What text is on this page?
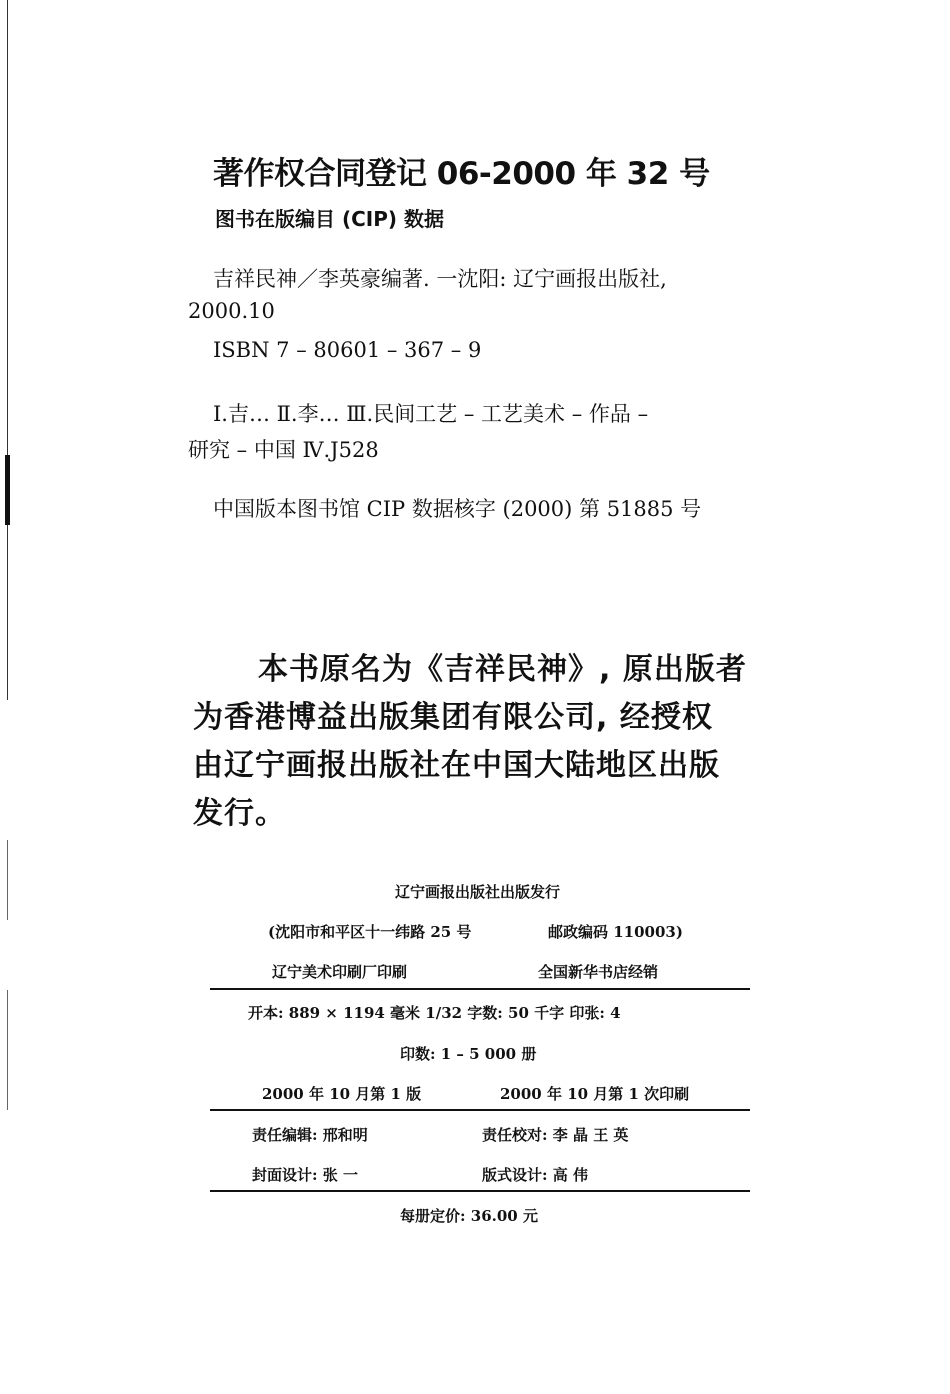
著作权合同登记 06-2000 年 32 号
图书在版编目 (CIP) 数据
吉祥民神／李英豪编著. 一沈阳: 辽宁画报出版社,
2000.10
ISBN 7 – 80601 – 367 – 9
Ⅰ.吉… Ⅱ.李… Ⅲ.民间工艺 – 工艺美术 – 作品 –
研究 – 中国 Ⅳ.J528
中国版本图书馆 CIP 数据核字 (2000) 第 51885 号
本书原名为《吉祥民神》, 原出版者
为香港博益出版集团有限公司, 经授权
由辽宁画报出版社在中国大陆地区出版
发行。
辽宁画报出版社出版发行
(沈阳市和平区十一纬路 25 号	邮政编码 110003)
辽宁美术印刷厂印刷	全国新华书店经销
开本: 889 × 1194 毫米 1/32 字数: 50 千字 印张: 4
印数: 1 – 5 000 册
2000 年 10 月第 1 版	2000 年 10 月第 1 次印刷
责任编辑: 邢和明	责任校对: 李 晶 王 英
封面设计: 张 一	版式设计: 高 伟
每册定价: 36.00 元
